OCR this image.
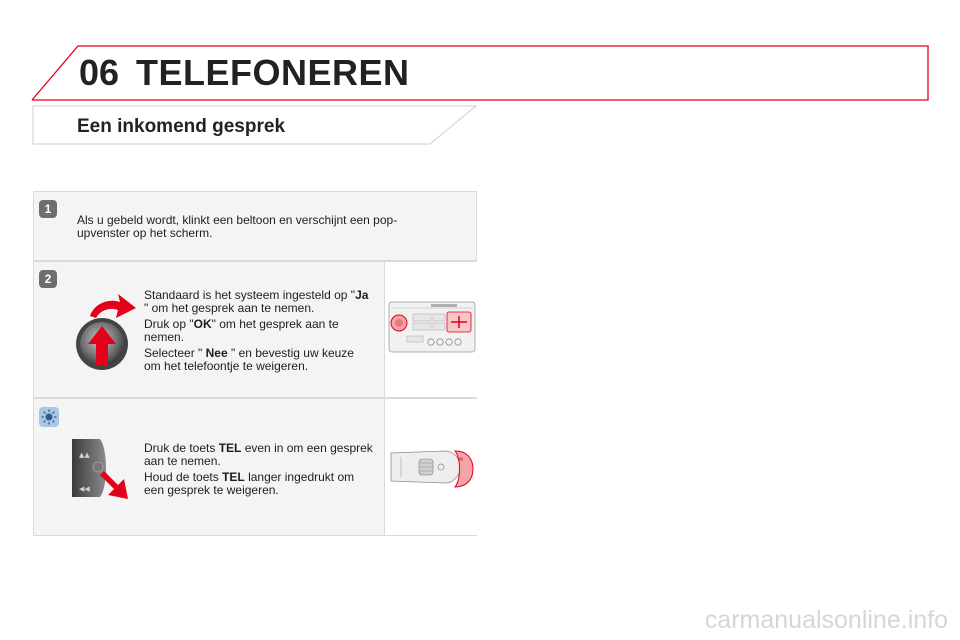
06 TELEFONEREN
Een inkomend gesprek
1
Als u gebeld wordt, klinkt een beltoon en verschijnt een pop-upvenster op het scherm.
2

Standaard is het systeem ingesteld op "Ja " om het gesprek aan te nemen.

Druk op "OK" om het gesprek aan te nemen.

Selecteer " Nee " en bevestig uw keuze om het telefoontje te weigeren.

▲▲
◀◀

Druk de toets TEL even in om een gesprek aan te nemen.

Houd de toets TEL langer ingedrukt om een gesprek te weigeren.

✉
carmanualsonline.info
